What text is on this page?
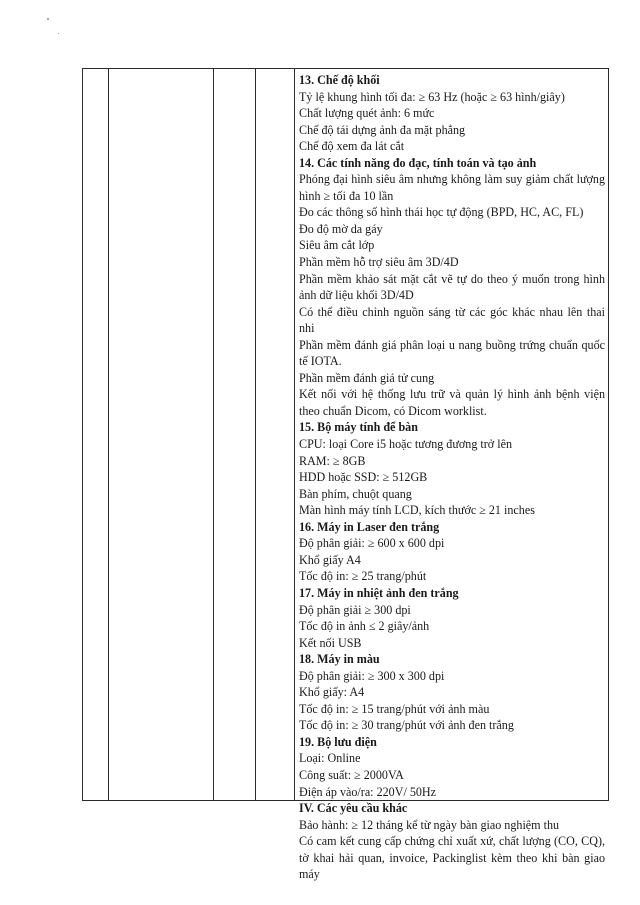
13. Chế độ khối
Tỷ lệ khung hình tối đa: ≥ 63 Hz (hoặc ≥ 63 hình/giây)
Chất lượng quét ảnh: 6 mức
Chế độ tái dựng ảnh đa mặt phẳng
Chế độ xem đa lát cắt
14. Các tính năng đo đạc, tính toán và tạo ảnh
Phóng đại hình siêu âm nhưng không làm suy giảm chất lượng hình ≥ tối đa 10 lần
Đo các thông số hình thái học tự động (BPD, HC, AC, FL)
Đo độ mờ da gáy
Siêu âm cắt lớp
Phần mềm hỗ trợ siêu âm 3D/4D
Phần mềm khảo sát mặt cắt vẽ tự do theo ý muốn trong hình ảnh dữ liệu khối 3D/4D
Có thể điều chỉnh nguồn sáng từ các góc khác nhau lên thai nhi
Phần mềm đánh giá phân loại u nang buồng trứng chuẩn quốc tế IOTA.
Phần mềm đánh giá tử cung
Kết nối với hệ thống lưu trữ và quản lý hình ảnh bệnh viện theo chuẩn Dicom, có Dicom worklist.
15. Bộ máy tính để bàn
CPU: loại Core i5 hoặc tương đương trở lên
RAM: ≥ 8GB
HDD hoặc SSD: ≥ 512GB
Bàn phím, chuột quang
Màn hình máy tính LCD, kích thước ≥ 21 inches
16. Máy in Laser đen trắng
Độ phân giải: ≥ 600 x 600 dpi
Khổ giấy A4
Tốc độ in: ≥ 25 trang/phút
17. Máy in nhiệt ảnh đen trắng
Độ phân giải ≥ 300 dpi
Tốc độ in ảnh ≤ 2 giây/ảnh
Kết nối USB
18. Máy in màu
Độ phân giải: ≥ 300 x 300 dpi
Khổ giấy: A4
Tốc độ in: ≥ 15 trang/phút với ảnh màu
Tốc độ in: ≥ 30 trang/phút với ảnh đen trắng
19. Bộ lưu điện
Loại: Online
Công suất: ≥ 2000VA
Điện áp vào/ra: 220V/ 50Hz
IV. Các yêu cầu khác
Bảo hành: ≥ 12 tháng kể từ ngày bàn giao nghiệm thu
Có cam kết cung cấp chứng chỉ xuất xứ, chất lượng (CO, CQ), tờ khai hải quan, invoice, Packinglist kèm theo khi bàn giao máy
